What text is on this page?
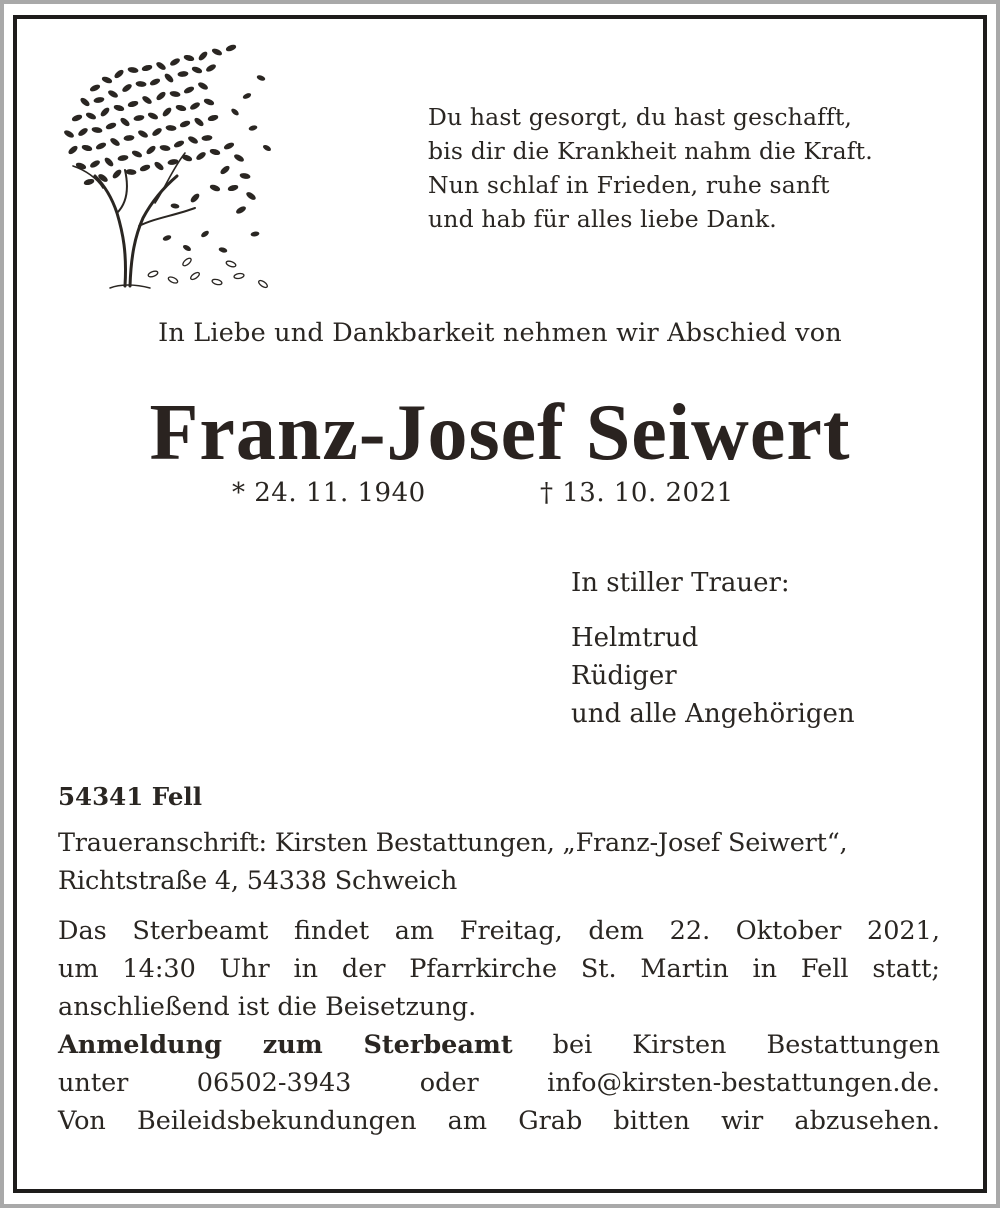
Du hast gesorgt, du hast geschafft,
bis dir die Krankheit nahm die Kraft.
Nun schlaf in Frieden, ruhe sanft
und hab für alles liebe Dank.
In Liebe und Dankbarkeit nehmen wir Abschied von
Franz-Josef Seiwert
* 24. 11. 1940	† 13. 10. 2021
In stiller Trauer:
Helmtrud
Rüdiger
und alle Angehörigen
54341 Fell
Traueranschrift: Kirsten Bestattungen, „Franz-Josef Seiwert“,
Richtstraße 4, 54338 Schweich
Das Sterbeamt findet am Freitag, dem 22. Oktober 2021,
um 14:30 Uhr in der Pfarrkirche St. Martin in Fell statt;
anschließend ist die Beisetzung.
Anmeldung zum Sterbeamt bei Kirsten Bestattungen
unter 06502-3943 oder info@kirsten-bestattungen.de.
Von Beileidsbekundungen am Grab bitten wir abzusehen.
